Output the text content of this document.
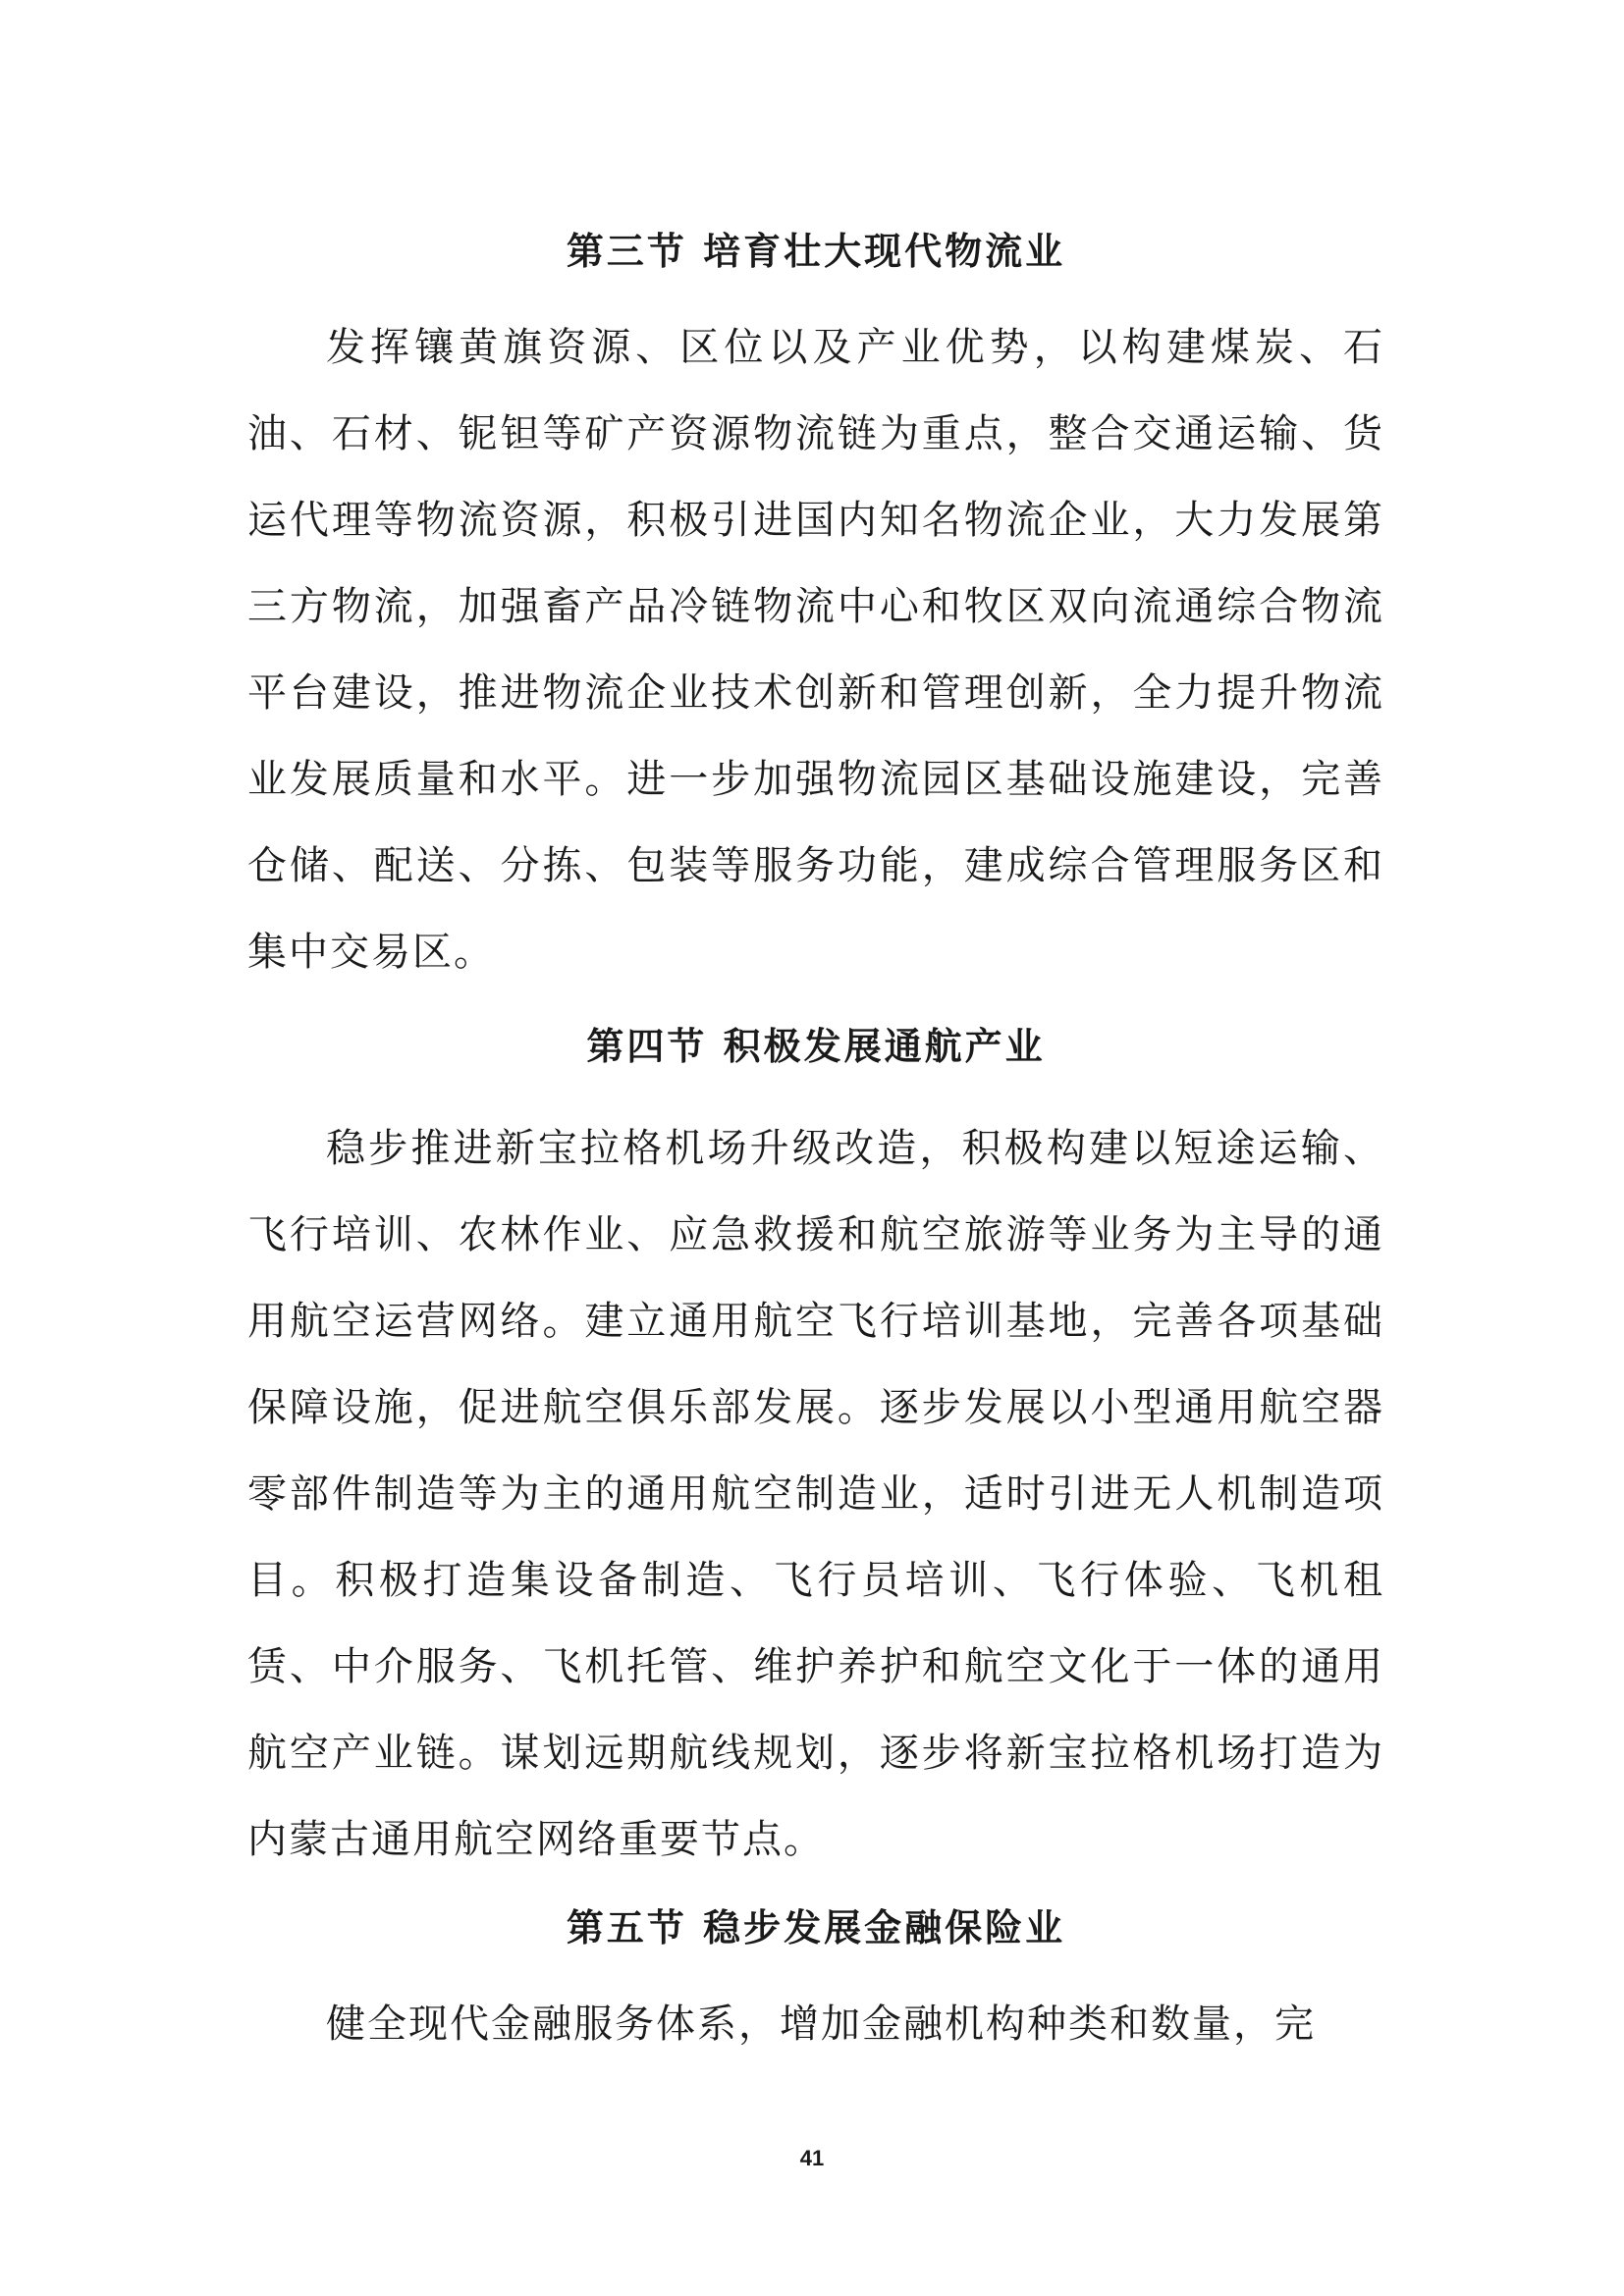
第三节 培育壮大现代物流业

发挥镶黄旗资源、区位以及产业优势，以构建煤炭、石油、石材、铌钽等矿产资源物流链为重点，整合交通运输、货运代理等物流资源，积极引进国内知名物流企业，大力发展第三方物流，加强畜产品冷链物流中心和牧区双向流通综合物流平台建设，推进物流企业技术创新和管理创新，全力提升物流业发展质量和水平。进一步加强物流园区基础设施建设，完善仓储、配送、分拣、包装等服务功能，建成综合管理服务区和集中交易区。

第四节 积极发展通航产业

稳步推进新宝拉格机场升级改造，积极构建以短途运输、飞行培训、农林作业、应急救援和航空旅游等业务为主导的通用航空运营网络。建立通用航空飞行培训基地，完善各项基础保障设施，促进航空俱乐部发展。逐步发展以小型通用航空器零部件制造等为主的通用航空制造业，适时引进无人机制造项目。积极打造集设备制造、飞行员培训、飞行体验、飞机租赁、中介服务、飞机托管、维护养护和航空文化于一体的通用航空产业链。谋划远期航线规划，逐步将新宝拉格机场打造为内蒙古通用航空网络重要节点。

第五节 稳步发展金融保险业

健全现代金融服务体系，增加金融机构种类和数量，完

41
